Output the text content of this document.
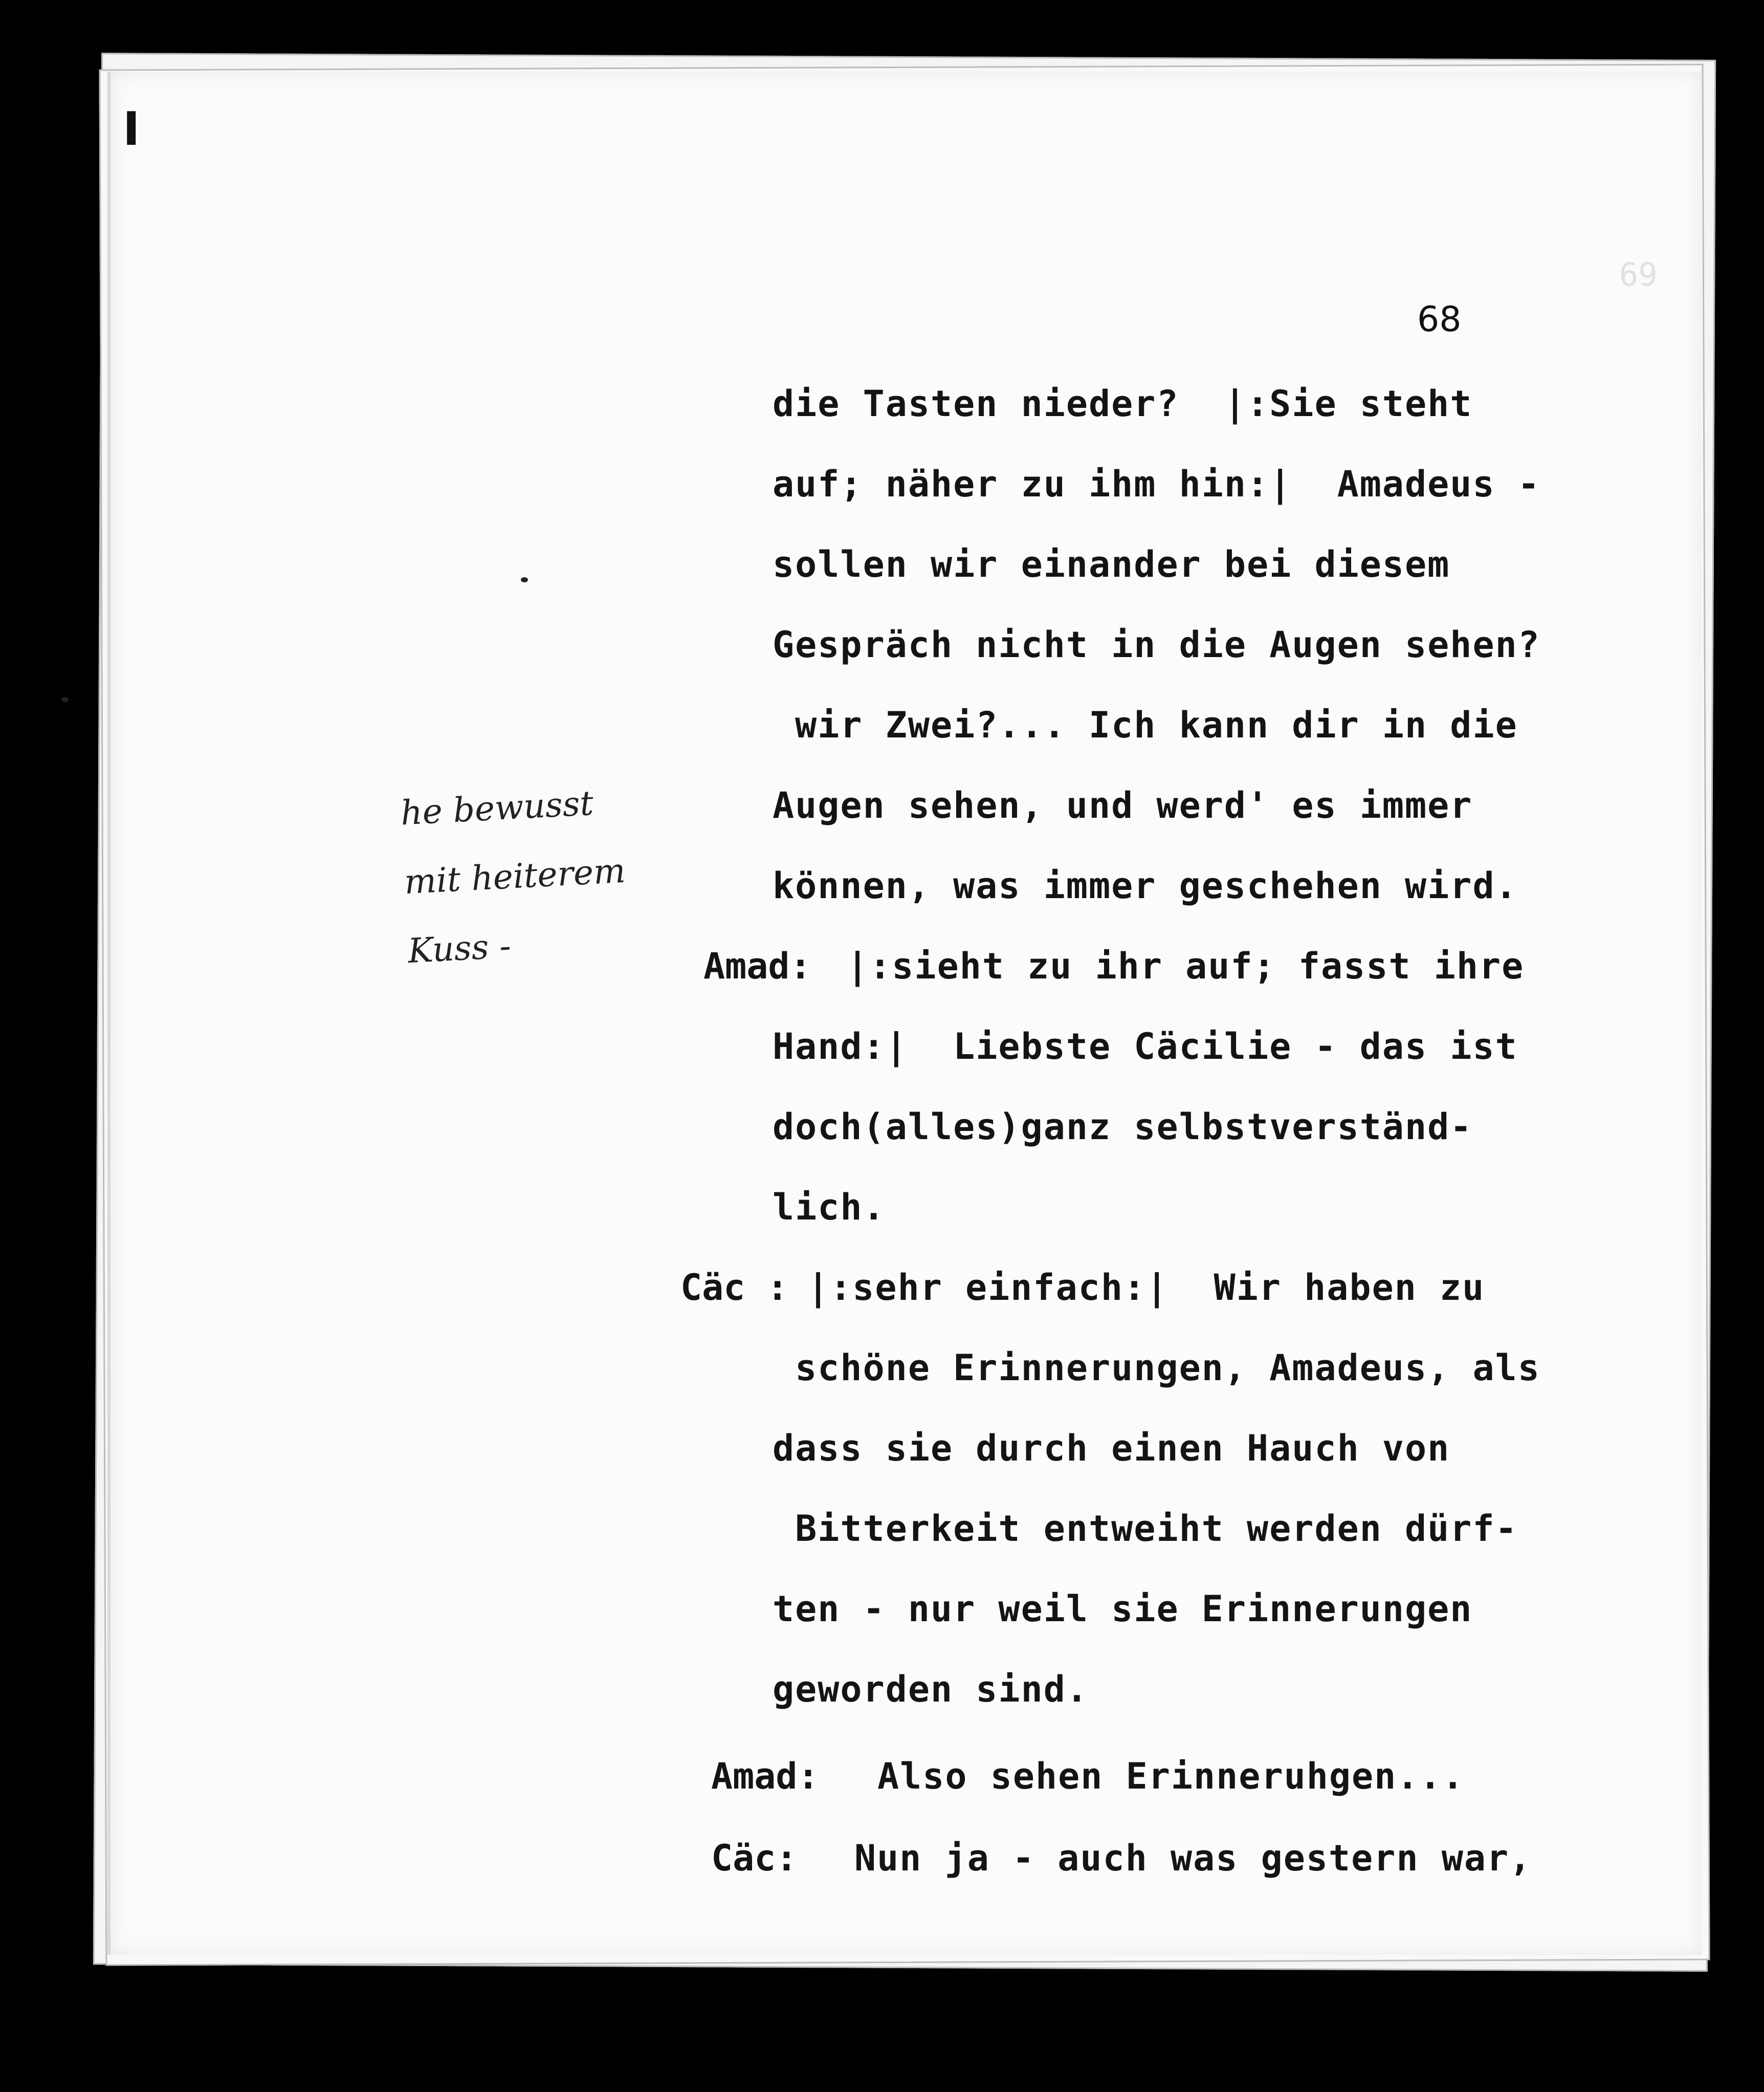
69
I
68
he bewusst
mit heiterem
Kuss -
die Tasten nieder?  |:Sie steht
auf; näher zu ihm hin:|  Amadeus -
sollen wir einander bei diesem
Gespräch nicht in die Augen sehen?
wir Zwei?... Ich kann dir in die
Augen sehen, und werd' es immer
können, was immer geschehen wird.
Amad: |:sieht zu ihr auf; fasst ihre
Hand:|  Liebste Cäcilie - das ist
doch(alles)ganz selbstverständ-
lich.
Cäc : |:sehr einfach:|  Wir haben zu
schöne Erinnerungen, Amadeus, als
dass sie durch einen Hauch von
Bitterkeit entweiht werden dürf-
ten - nur weil sie Erinnerungen
geworden sind.
Amad: Also sehen Erinneruhgen...
Cäc: Nun ja - auch was gestern war,
